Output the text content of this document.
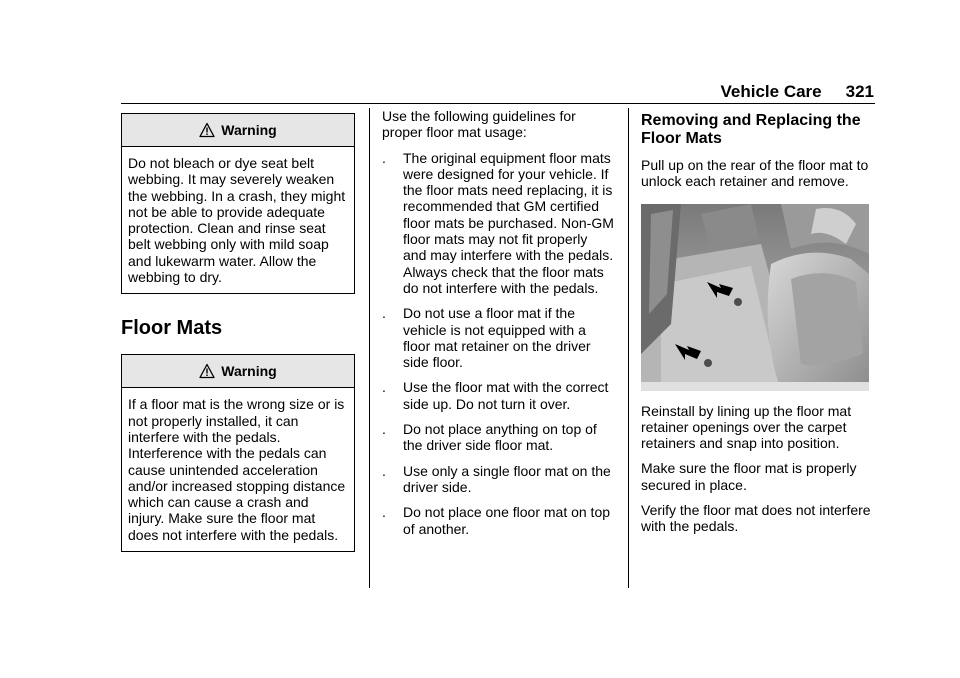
Vehicle Care 321
Warning
Do not bleach or dye seat belt webbing. It may severely weaken the webbing. In a crash, they might not be able to provide adequate protection. Clean and rinse seat belt webbing only with mild soap and lukewarm water. Allow the webbing to dry.
Floor Mats
Warning
If a floor mat is the wrong size or is not properly installed, it can interfere with the pedals. Interference with the pedals can cause unintended acceleration and/or increased stopping distance which can cause a crash and injury. Make sure the floor mat does not interfere with the pedals.

Use the following guidelines for proper floor mat usage:

. The original equipment floor mats were designed for your vehicle. If the floor mats need replacing, it is recommended that GM certified floor mats be purchased. Non-GM floor mats may not fit properly and may interfere with the pedals. Always check that the floor mats do not interfere with the pedals.
. Do not use a floor mat if the vehicle is not equipped with a floor mat retainer on the driver side floor.
. Use the floor mat with the correct side up. Do not turn it over.
. Do not place anything on top of the driver side floor mat.
. Use only a single floor mat on the driver side.
. Do not place one floor mat on top of another.
Removing and Replacing the Floor Mats

Pull up on the rear of the floor mat to unlock each retainer and remove.

Reinstall by lining up the floor mat retainer openings over the carpet retainers and snap into position.

Make sure the floor mat is properly secured in place.

Verify the floor mat does not interfere with the pedals.
